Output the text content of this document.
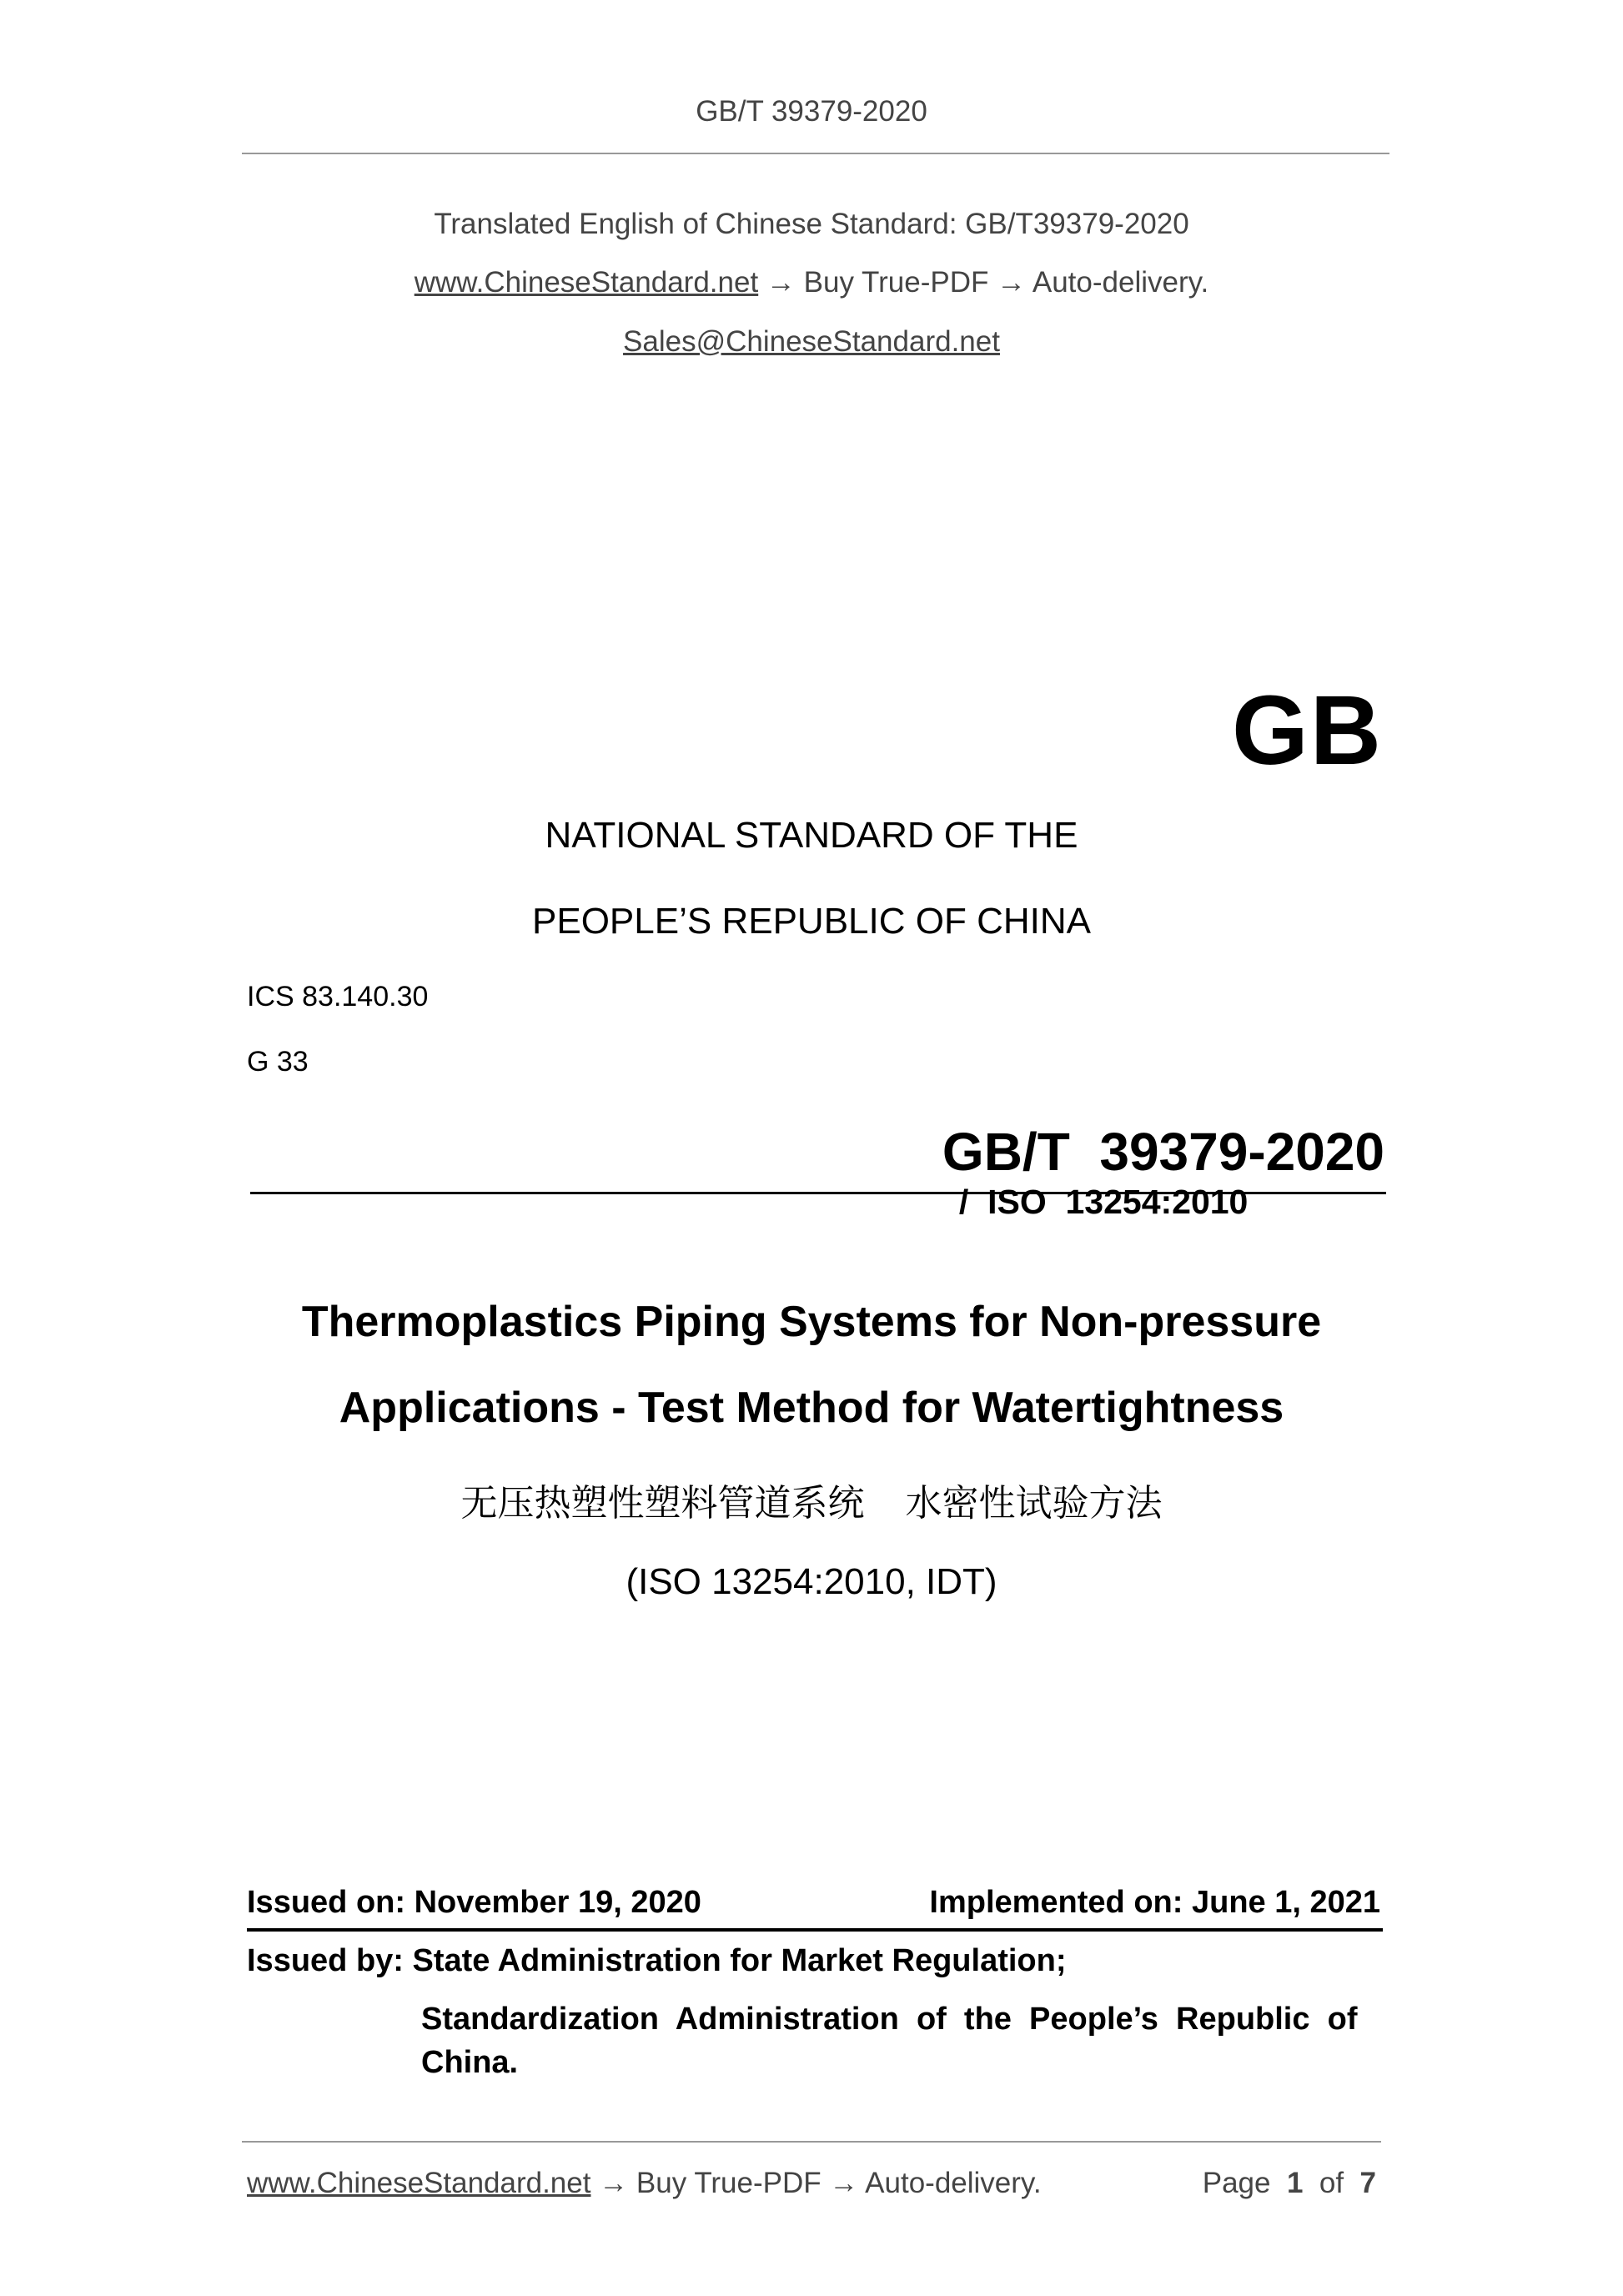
GB/T 39379-2020
Translated English of Chinese Standard: GB/T39379-2020
www.ChineseStandard.net → Buy True-PDF → Auto-delivery.
Sales@ChineseStandard.net
GB
NATIONAL STANDARD OF THE
PEOPLE’S REPUBLIC OF CHINA
ICS 83.140.30
G 33

GB/T  39379-2020
/  ISO  13254:2010

Thermoplastics Piping Systems for Non-pressure
Applications - Test Method for Watertightness
无压热塑性塑料管道系统    水密性试验方法
(ISO 13254:2010, IDT)
Issued on: November 19, 2020	Implemented on: June 1, 2021
Issued by: State Administration for Market Regulation;
Standardization  Administration  of  the  People’s  Republic  of
China.
www.ChineseStandard.net → Buy True-PDF → Auto-delivery.	Page 1 of 7
